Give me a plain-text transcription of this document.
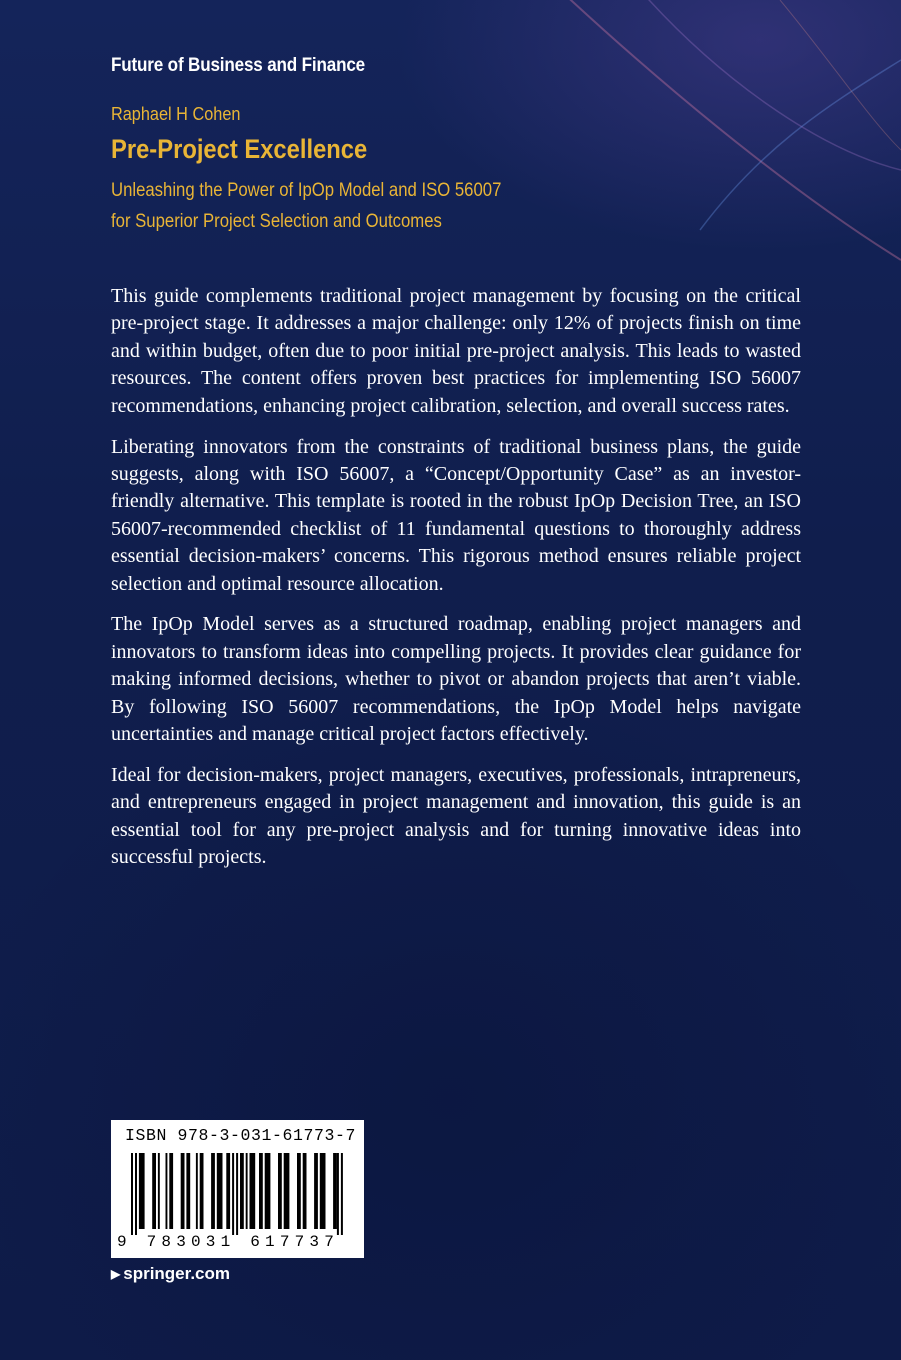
Future of Business and Finance
Raphael H Cohen
Pre-Project Excellence
Unleashing the Power of IpOp Model and ISO 56007
for Superior Project Selection and Outcomes

This guide complements traditional project management by focusing on the critical pre-project stage. It addresses a major challenge: only 12% of projects finish on time and within budget, often due to poor initial pre-project analysis. This leads to wasted resources. The content offers proven best practices for implementing ISO 56007 recommendations, enhancing project calibration, selection, and overall success rates.

Liberating innovators from the constraints of traditional business plans, the guide suggests, along with ISO 56007, a “Concept/Opportunity Case” as an investor-friendly alternative. This template is rooted in the robust IpOp Decision Tree, an ISO 56007-recommended checklist of 11 fundamental questions to thoroughly address essential decision-makers’ concerns. This rigorous method ensures reliable project selection and optimal resource allocation.

The IpOp Model serves as a structured roadmap, enabling project managers and innovators to transform ideas into compelling projects. It provides clear guidance for making informed decisions, whether to pivot or abandon projects that aren’t viable. By following ISO 56007 recommendations, the IpOp Model helps navigate uncertainties and manage critical project factors effectively.

Ideal for decision-makers, project managers, executives, professionals, intrapreneurs, and entrepreneurs engaged in project management and innovation, this guide is an essential tool for any pre-project analysis and for turning innovative ideas into successful projects.

ISBN 978-3-031-61773-7
9 783031 617737
▶ springer.com
